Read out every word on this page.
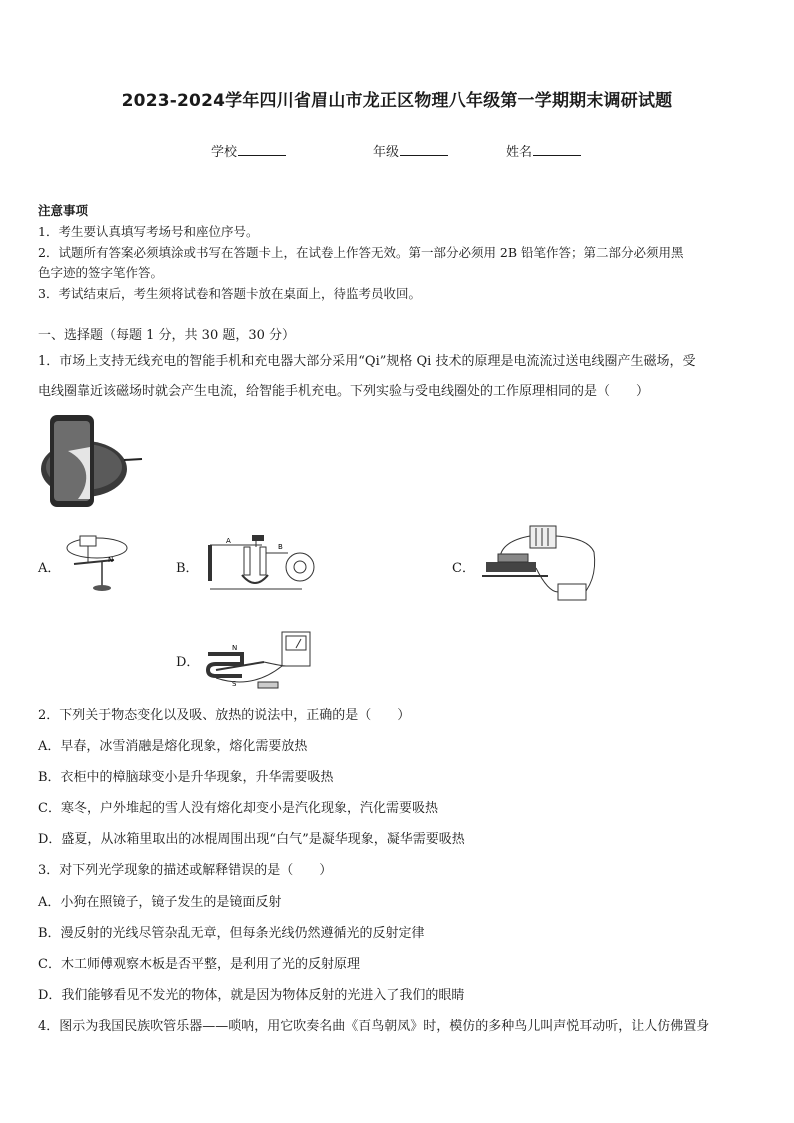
2023-2024学年四川省眉山市龙正区物理八年级第一学期期末调研试题
学校	年级	姓名
注意事项
1．考生要认真填写考场号和座位序号。
2．试题所有答案必须填涂或书写在答题卡上，在试卷上作答无效。第一部分必须用 2B 铅笔作答；第二部分必须用黑
色字迹的签字笔作答。
3．考试结束后，考生须将试卷和答题卡放在桌面上，待监考员收回。
一、选择题（每题 1 分，共 30 题，30 分）
1．市场上支持无线充电的智能手机和充电器大部分采用“Qi”规格 Qi 技术的原理是电流流过送电线圈产生磁场，受
电线圈靠近该磁场时就会产生电流，给智能手机充电。下列实验与受电线圈处的工作原理相同的是（　　）
A．
N
B．
A
B
C．
D．
N
S
2．下列关于物态变化以及吸、放热的说法中，正确的是（　　）
A．早春，冰雪消融是熔化现象，熔化需要放热
B．衣柜中的樟脑球变小是升华现象，升华需要吸热
C．寒冬，户外堆起的雪人没有熔化却变小是汽化现象，汽化需要吸热
D．盛夏，从冰箱里取出的冰棍周围出现“白气”是凝华现象，凝华需要吸热
3．对下列光学现象的描述或解释错误的是（　　）
A．小狗在照镜子，镜子发生的是镜面反射
B．漫反射的光线尽管杂乱无章，但每条光线仍然遵循光的反射定律
C．木工师傅观察木板是否平整，是利用了光的反射原理
D．我们能够看见不发光的物体，就是因为物体反射的光进入了我们的眼睛
4．图示为我国民族吹管乐器——唢呐，用它吹奏名曲《百鸟朝凤》时，模仿的多种鸟儿叫声悦耳动听，让人仿佛置身
